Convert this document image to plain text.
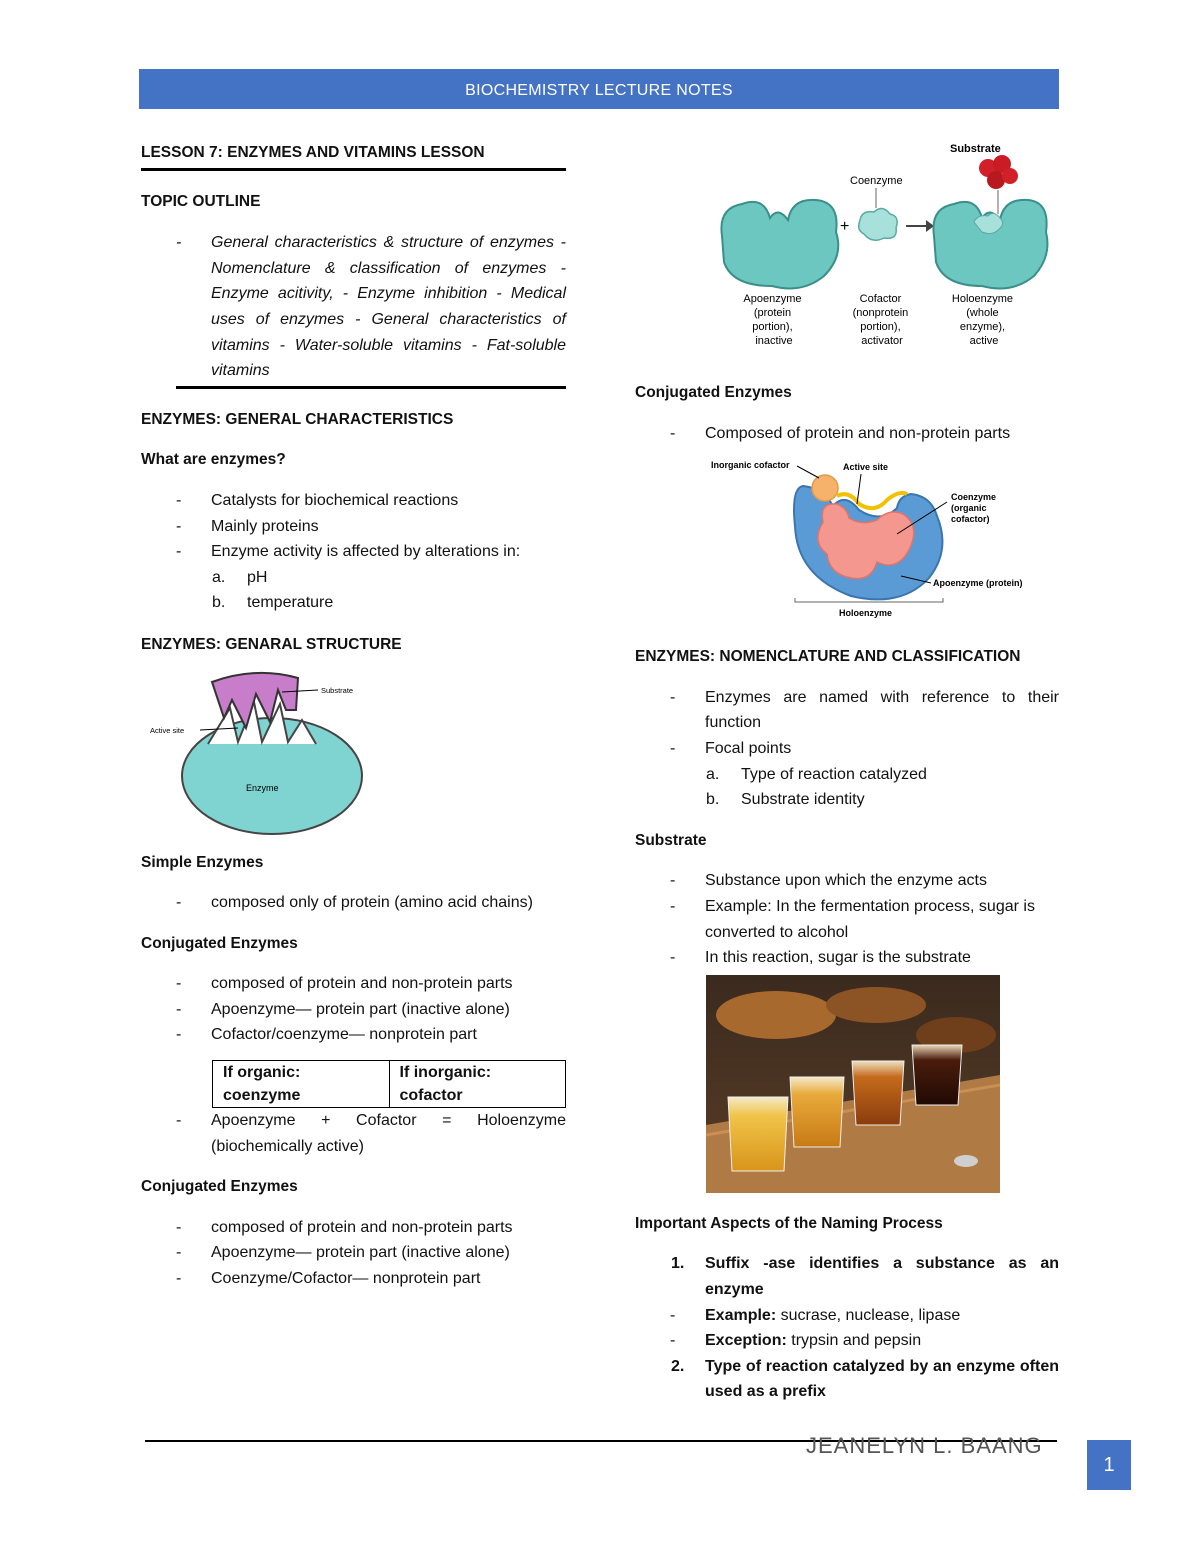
BIOCHEMISTRY LECTURE NOTES
LESSON 7: ENZYMES AND VITAMINS LESSON
TOPIC OUTLINE
- General characteristics & structure of enzymes - Nomenclature & classification of enzymes - Enzyme acitivity, - Enzyme inhibition - Medical uses of enzymes - General characteristics of vitamins - Water-soluble vitamins - Fat-soluble vitamins
ENZYMES: GENERAL CHARACTERISTICS
What are enzymes?
- Catalysts for biochemical reactions
- Mainly proteins
- Enzyme activity is affected by alterations in:
a. pH
b. temperature
ENZYMES: GENARAL STRUCTURE
Substrate
Active site
Enzyme
Simple Enzymes
- composed only of protein (amino acid chains)
Conjugated Enzymes
- composed of protein and non-protein parts
- Apoenzyme— protein part (inactive alone)
- Cofactor/coenzyme— nonprotein part
If organic: coenzyme	If inorganic: cofactor
- Apoenzyme + Cofactor = Holoenzyme (biochemically active)
Conjugated Enzymes
- composed of protein and non-protein parts
- Apoenzyme— protein part (inactive alone)
- Coenzyme/Cofactor— nonprotein part
+
Coenzyme
Substrate
Apoenzyme (protein portion), inactive
Cofactor (nonprotein portion), activator
Holoenzyme (whole enzyme), active
Conjugated Enzymes
- Composed of protein and non-protein parts
Inorganic cofactor	Active site
Coenzyme (organic cofactor)
Apoenzyme (protein)
Holoenzyme
ENZYMES: NOMENCLATURE AND CLASSIFICATION
- Enzymes are named with reference to their function
- Focal points
a. Type of reaction catalyzed
b. Substrate identity
Substrate
- Substance upon which the enzyme acts
- Example: In the fermentation process, sugar is converted to alcohol
- In this reaction, sugar is the substrate
Important Aspects of the Naming Process
1. Suffix -ase identifies a substance as an enzyme
- Example: sucrase, nuclease, lipase
- Exception: trypsin and pepsin
2. Type of reaction catalyzed by an enzyme often used as a prefix
JEANELYN L. BAANG
1
